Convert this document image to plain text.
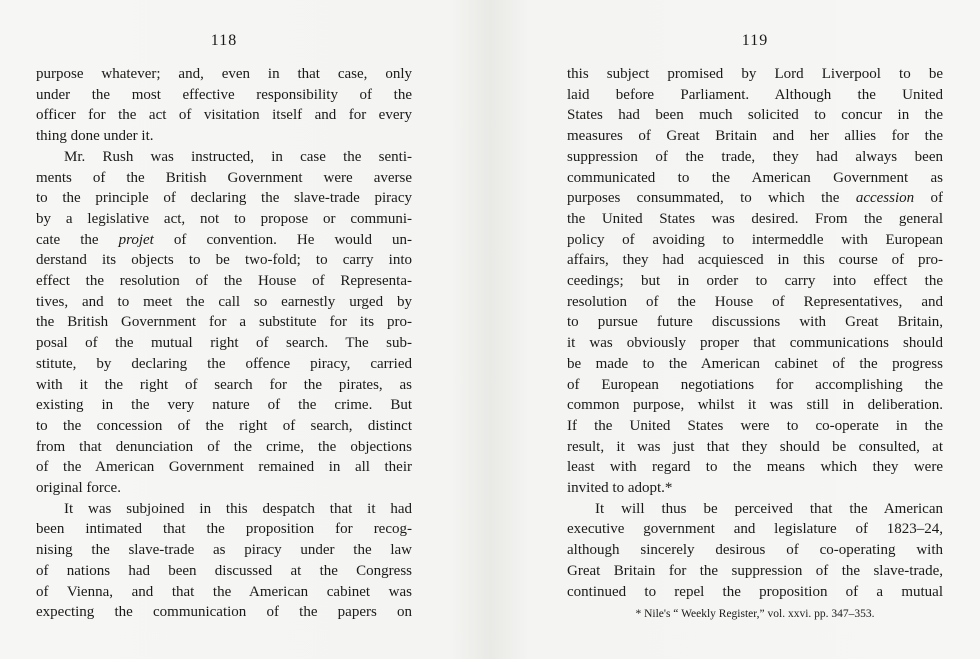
118
purpose whatever; and, even in that case, only
under the most effective responsibility of the
officer for the act of visitation itself and for every
thing done under it.
Mr. Rush was instructed, in case the senti-
ments of the British Government were averse
to the principle of declaring the slave-trade piracy
by a legislative act, not to propose or communi-
cate the projet of convention. He would un-
derstand its objects to be two-fold; to carry into
effect the resolution of the House of Representa-
tives, and to meet the call so earnestly urged by
the British Government for a substitute for its pro-
posal of the mutual right of search. The sub-
stitute, by declaring the offence piracy, carried
with it the right of search for the pirates, as
existing in the very nature of the crime. But
to the concession of the right of search, distinct
from that denunciation of the crime, the objections
of the American Government remained in all their
original force.
It was subjoined in this despatch that it had
been intimated that the proposition for recog-
nising the slave-trade as piracy under the law
of nations had been discussed at the Congress
of Vienna, and that the American cabinet was
expecting the communication of the papers on
119
this subject promised by Lord Liverpool to be
laid before Parliament. Although the United
States had been much solicited to concur in the
measures of Great Britain and her allies for the
suppression of the trade, they had always been
communicated to the American Government as
purposes consummated, to which the accession of
the United States was desired. From the general
policy of avoiding to intermeddle with European
affairs, they had acquiesced in this course of pro-
ceedings; but in order to carry into effect the
resolution of the House of Representatives, and
to pursue future discussions with Great Britain,
it was obviously proper that communications should
be made to the American cabinet of the progress
of European negotiations for accomplishing the
common purpose, whilst it was still in deliberation.
If the United States were to co-operate in the
result, it was just that they should be consulted, at
least with regard to the means which they were
invited to adopt.*
It will thus be perceived that the American
executive government and legislature of 1823–24,
although sincerely desirous of co-operating with
Great Britain for the suppression of the slave-trade,
continued to repel the proposition of a mutual
* Nile's “ Weekly Register,” vol. xxvi. pp. 347–353.
